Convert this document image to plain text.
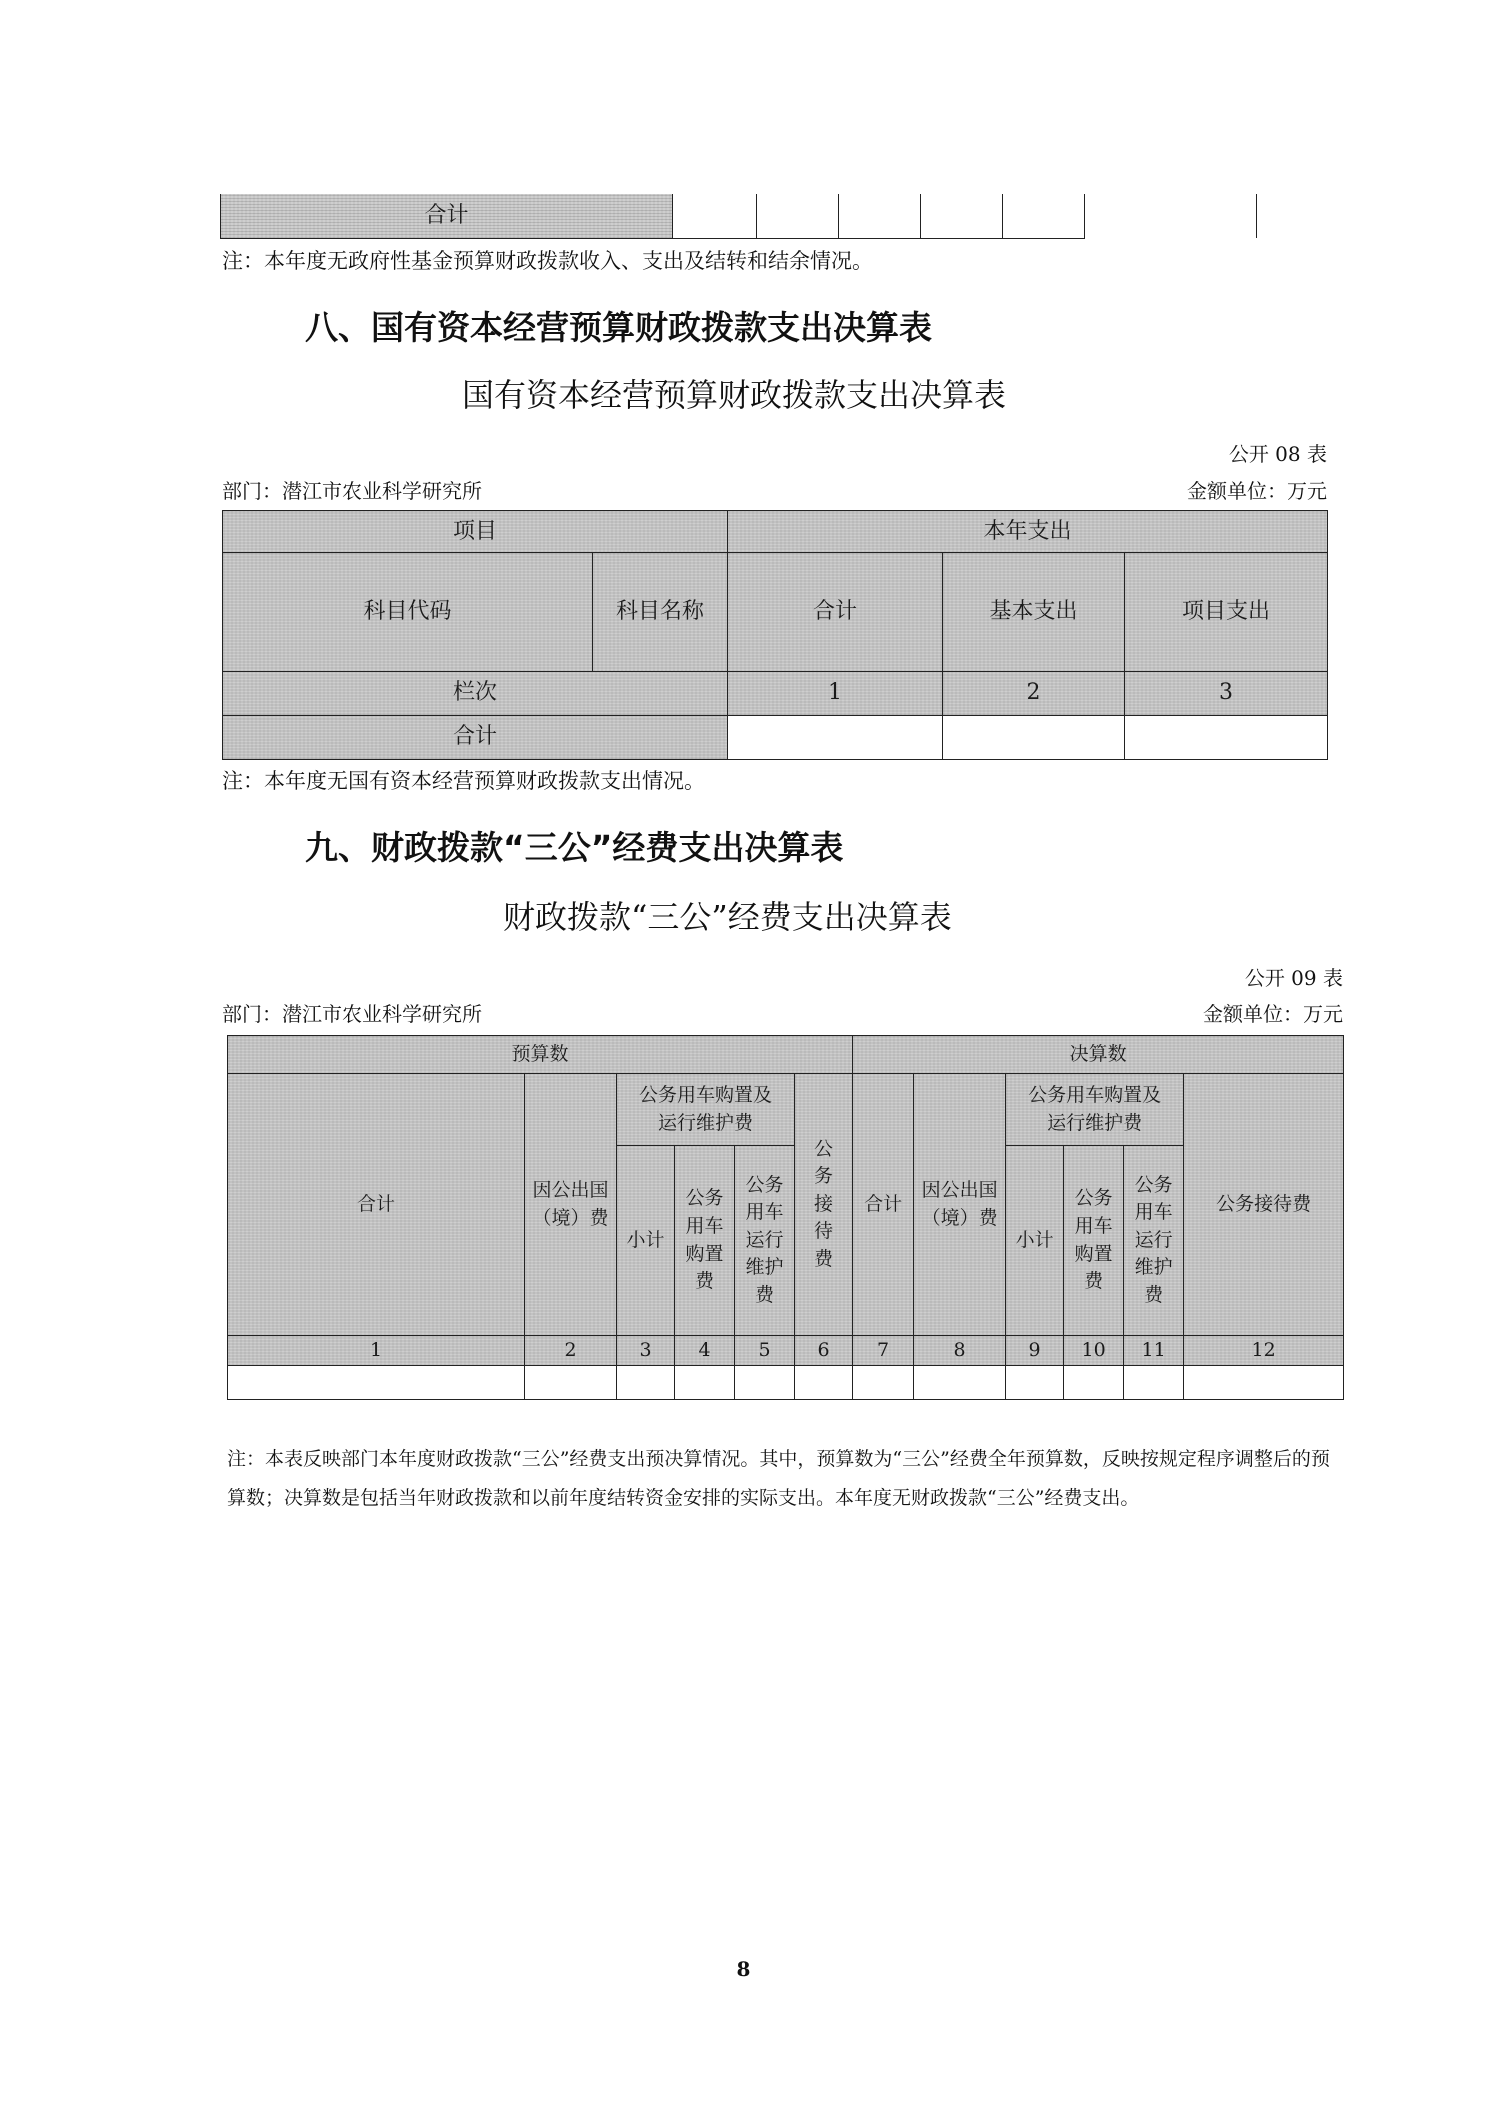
合计						
注：本年度无政府性基金预算财政拨款收入、支出及结转和结余情况。
八、国有资本经营预算财政拨款支出决算表
国有资本经营预算财政拨款支出决算表
公开 08 表
部门：潜江市农业科学研究所	金额单位：万元
项目		本年支出		
科目代码	科目名称	合计	基本支出	项目支出
栏次		1	2	3
合计				
注：本年度无国有资本经营预算财政拨款支出情况。
九、财政拨款“三公”经费支出决算表
财政拨款“三公”经费支出决算表
公开 09 表
部门：潜江市农业科学研究所	金额单位：万元
预算数						决算数					
合计	因公出国（境）费	公务用车购置及运行维护费			公务接待费	合计	因公出国（境）费	公务用车购置及运行维护费			公务接待费
		小计	公务用车购置费	公务用车运行维护费				小计	公务用车购置费	公务用车运行维护费	
1	2	3	4	5	6	7	8	9	10	11	12

注：本表反映部门本年度财政拨款“三公”经费支出预决算情况。其中，预算数为“三公”经费全年预算数，反映按规定程序调整后的预算数；决算数是包括当年财政拨款和以前年度结转资金安排的实际支出。本年度无财政拨款“三公”经费支出。
8
